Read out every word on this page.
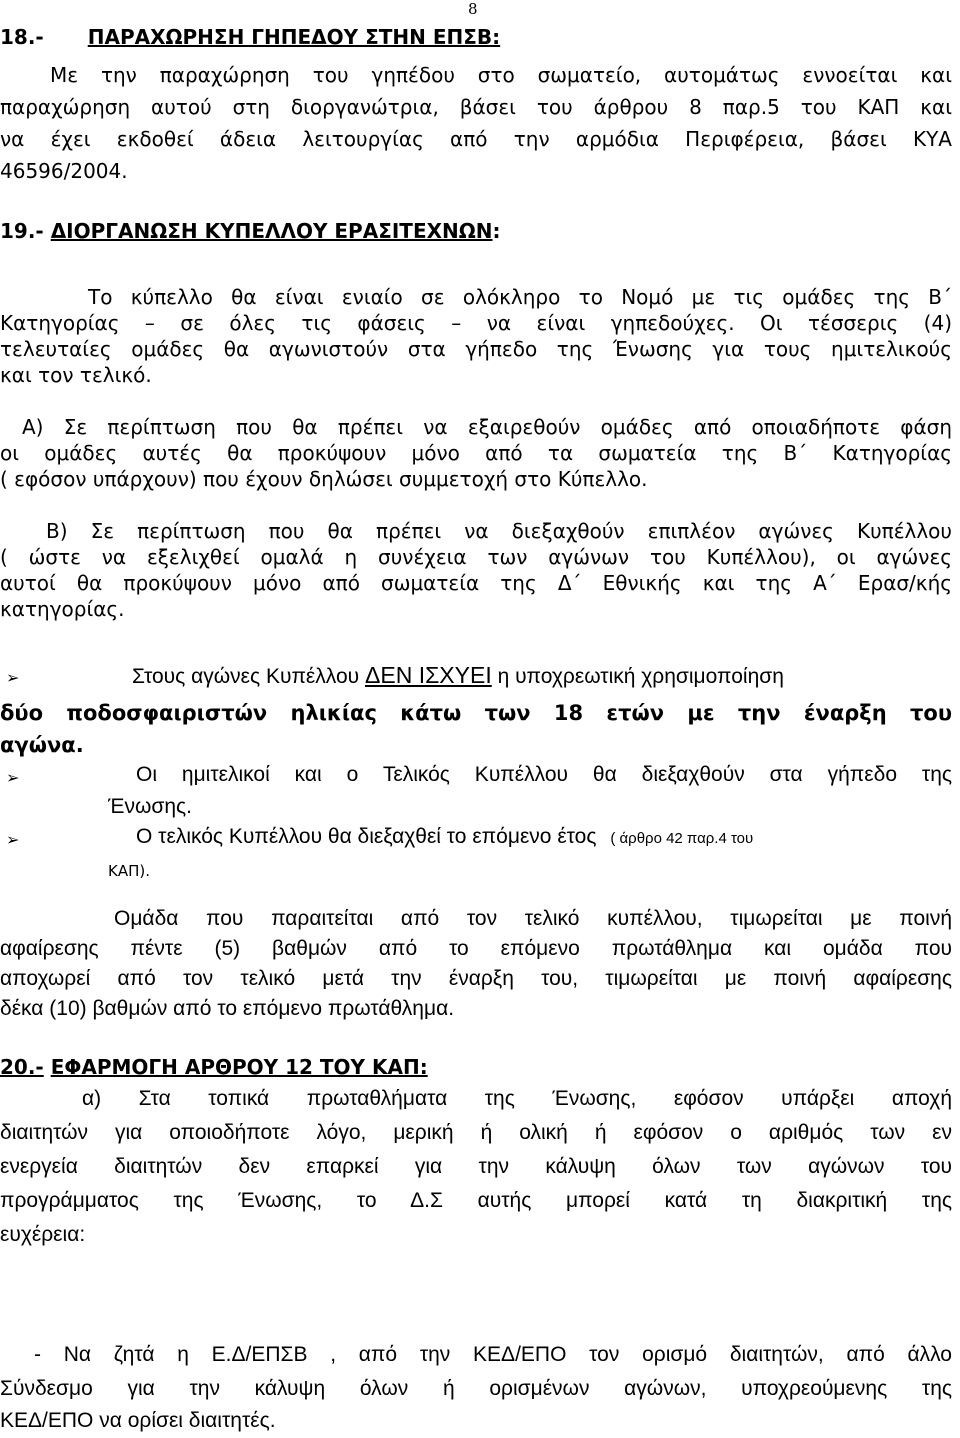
8
18.- ΠΑΡΑΧΩΡΗΣΗ ΓΗΠΕΔΟΥ ΣΤΗΝ ΕΠΣΒ:
Με την παραχώρηση του γηπέδου στο σωματείο, αυτομάτως εννοείται και
παραχώρηση αυτού στη διοργανώτρια, βάσει του άρθρου 8 παρ.5 του ΚΑΠ και
να έχει εκδοθεί άδεια λειτουργίας από την αρμόδια Περιφέρεια, βάσει ΚΥΑ
46596/2004.
19.- ΔΙΟΡΓΑΝΩΣΗ ΚΥΠΕΛΛΟΥ ΕΡΑΣΙΤΕΧΝΩΝ:
Το κύπελλο θα είναι ενιαίο σε ολόκληρο το Νομό με τις ομάδες της Β΄
Κατηγορίας – σε όλες τις φάσεις – να είναι γηπεδούχες. Οι τέσσερις (4)
τελευταίες ομάδες θα αγωνιστούν στα γήπεδο της Ένωσης για τους ημιτελικούς
και τον τελικό.
Α) Σε περίπτωση που θα πρέπει να εξαιρεθούν ομάδες από οποιαδήποτε φάση
οι ομάδες αυτές θα προκύψουν μόνο από τα σωματεία της Β΄ Κατηγορίας
( εφόσον υπάρχουν) που έχουν δηλώσει συμμετοχή στο Κύπελλο.
Β) Σε περίπτωση που θα πρέπει να διεξαχθούν επιπλέον αγώνες Κυπέλλου
( ώστε να εξελιχθεί ομαλά η συνέχεια των αγώνων του Κυπέλλου), οι αγώνες
αυτοί θα προκύψουν μόνο από σωματεία της Δ΄ Εθνικής και της Α΄ Ερασ/κής
κατηγορίας.
➢	Στους αγώνες Κυπέλλου ΔΕΝ ΙΣΧΥΕΙ η υποχρεωτική χρησιμοποίηση
δύο ποδοσφαιριστών ηλικίας κάτω των 18 ετών με την έναρξη του
αγώνα.
➢	Οι ημιτελικοί και ο Τελικός Κυπέλλου θα διεξαχθούν στα γήπεδο της
Ένωσης.
➢	Ο τελικός Κυπέλλου θα διεξαχθεί το επόμενο έτος ( άρθρο 42 παρ.4 του
ΚΑΠ).
Ομάδα που παραιτείται από τον τελικό κυπέλλου, τιμωρείται με ποινή
αφαίρεσης πέντε (5) βαθμών από το επόμενο πρωτάθλημα και ομάδα που
αποχωρεί από τον τελικό μετά την έναρξη του, τιμωρείται με ποινή αφαίρεσης
δέκα (10) βαθμών από το επόμενο πρωτάθλημα.
20.- ΕΦΑΡΜΟΓΗ ΑΡΘΡΟΥ 12 ΤΟΥ ΚΑΠ:
α) Στα τοπικά πρωταθλήματα της Ένωσης, εφόσον υπάρξει αποχή
διαιτητών για οποιοδήποτε λόγο, μερική ή ολική ή εφόσον ο αριθμός των εν
ενεργεία διαιτητών δεν επαρκεί για την κάλυψη όλων των αγώνων του
προγράμματος της Ένωσης, το Δ.Σ αυτής μπορεί κατά τη διακριτική της
ευχέρεια:
- Να ζητά η Ε.Δ/ΕΠΣΒ , από την ΚΕΔ/ΕΠΟ τον ορισμό διαιτητών, από άλλο
Σύνδεσμο για την κάλυψη όλων ή ορισμένων αγώνων, υποχρεούμενης της
ΚΕΔ/ΕΠΟ να ορίσει διαιτητές.
